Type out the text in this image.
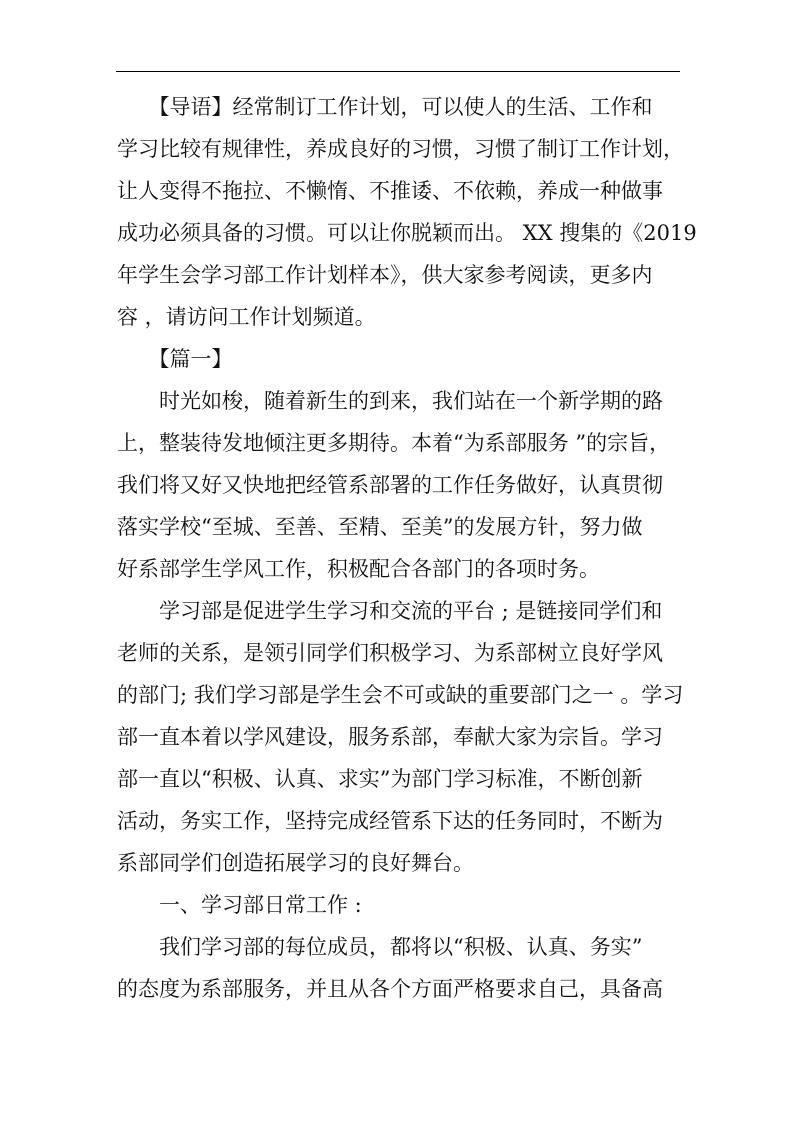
　　【导语】经常制订工作计划，可以使人的生活、工作和
学习比较有规律性，养成良好的习惯，习惯了制订工作计划，
让人变得不拖拉、不懒惰、不推诿、不依赖，养成一种做事
成功必须具备的习惯。可以让你脱颖而出。 XX 搜集的《2019
年学生会学习部工作计划样本》，供大家参考阅读，更多内
容 ，请访问工作计划频道。
　　【篇一】
　　时光如梭，随着新生的到来，我们站在一个新学期的路
上，整装待发地倾注更多期待。本着“为系部服务 ”的宗旨，
我们将又好又快地把经管系部署的工作任务做好，认真贯彻
落实学校“至城、至善、至精、至美”的发展方针，努力做
好系部学生学风工作，积极配合各部门的各项时务。
　　学习部是促进学生学习和交流的平台 ; 是链接同学们和
老师的关系，是领引同学们积极学习、为系部树立良好学风
的部门; 我们学习部是学生会不可或缺的重要部门之一 。学习
部一直本着以学风建设，服务系部，奉献大家为宗旨。学习
部一直以“积极、认真、求实”为部门学习标准，不断创新
活动，务实工作，坚持完成经管系下达的任务同时，不断为
系部同学们创造拓展学习的良好舞台。
　　一、学习部日常工作 :
　　我们学习部的每位成员，都将以“积极、认真、务实”
的态度为系部服务，并且从各个方面严格要求自己，具备高
